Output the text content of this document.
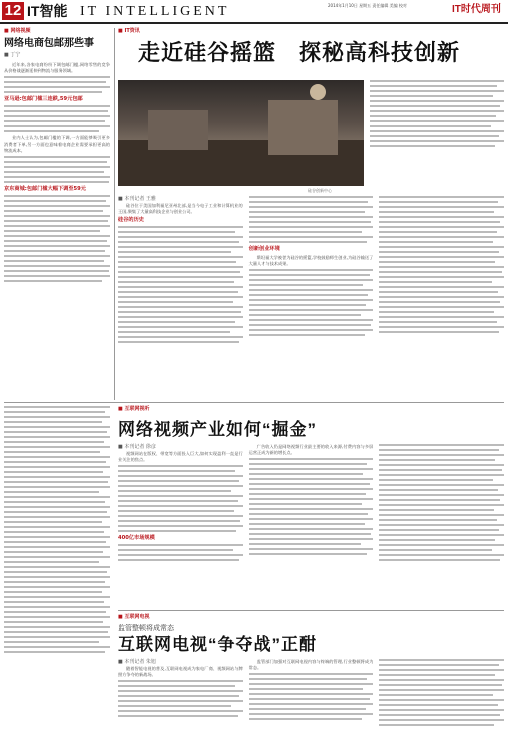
12 IT智能 IT INTELLIGENT	2014年1月10日 星期五 责任编辑 美编 校对	IT时代周刊
■ 网络视频
网络电商包邮那些事
■ 丁宁

近年来,各家电商纷纷下调包邮门槛,网络零售的竞争从价格战逐渐延伸到物流与服务领域。

亚马逊:包邮门槛三连跌,59元包邮

业内人士认为,包邮门槛的下调,一方面能够吸引更多消费者下单,另一方面也意味着电商企业需要承担更高的物流成本。

京东商城:包邮门槛大幅下调至59元
■ IT资讯
走近硅谷摇篮　探秘高科技创新
硅谷创新中心
■ 本刊记者 王雅

硅谷位于美国加利福尼亚州北部,是当今电子工业和计算机业的王国,聚集了大量高科技企业与创业公司。

硅谷的历史
创新创业环境

斯坦福大学被誉为硅谷的摇篮,学校鼓励师生创业,为硅谷输送了大量人才与技术成果。

■ 互联网视听
网络视频产业如何“掘金”
■ 本刊记者 徐彦

视频网站在版权、带宽等方面投入巨大,如何实现盈利一直是行业关注的焦点。

400亿市场规模

广告收入仍是网络视频行业最主要的收入来源,付费内容与多屏运营正成为新的增长点。

■ 互联网电视
监管整顿将成常态
互联网电视“争夺战”正酣
■ 本刊记者 朱旭

随着智能电视的普及,互联网电视成为家电厂商、视频网站与牌照方争夺的新战场。

监管部门加强对互联网电视内容与终端的管理,行业整顿将成为常态。
